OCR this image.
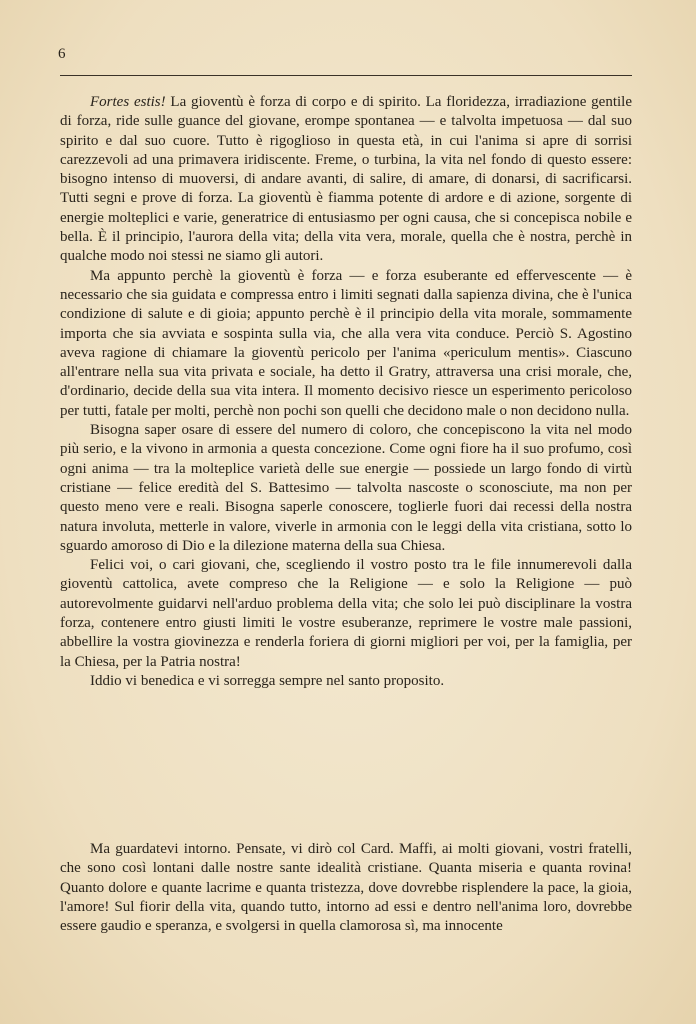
6

Fortes estis! La gioventù è forza di corpo e di spirito. La floridezza, irradiazione gentile di forza, ride sulle guance del giovane, erompe spontanea — e talvolta impetuosa — dal suo spirito e dal suo cuore. Tutto è rigoglioso in questa età, in cui l'anima si apre di sorrisi carezzevoli ad una primavera iridiscente. Freme, o turbina, la vita nel fondo di questo essere: bisogno intenso di muoversi, di andare avanti, di salire, di amare, di donarsi, di sacrificarsi. Tutti segni e prove di forza. La gioventù è fiamma potente di ardore e di azione, sorgente di energie molteplici e varie, generatrice di entusiasmo per ogni causa, che si concepisca nobile e bella. È il principio, l'aurora della vita; della vita vera, morale, quella che è nostra, perchè in qualche modo noi stessi ne siamo gli autori.

Ma appunto perchè la gioventù è forza — e forza esuberante ed effervescente — è necessario che sia guidata e compressa entro i limiti segnati dalla sapienza divina, che è l'unica condizione di salute e di gioia; appunto perchè è il principio della vita morale, sommamente importa che sia avviata e sospinta sulla via, che alla vera vita conduce. Perciò S. Agostino aveva ragione di chiamare la gioventù pericolo per l'anima «periculum mentis». Ciascuno all'entrare nella sua vita privata e sociale, ha detto il Gratry, attraversa una crisi morale, che, d'ordinario, decide della sua vita intera. Il momento decisivo riesce un esperimento pericoloso per tutti, fatale per molti, perchè non pochi son quelli che decidono male o non decidono nulla.

Bisogna saper osare di essere del numero di coloro, che concepiscono la vita nel modo più serio, e la vivono in armonia a questa concezione. Come ogni fiore ha il suo profumo, così ogni anima — tra la molteplice varietà delle sue energie — possiede un largo fondo di virtù cristiane — felice eredità del S. Battesimo — talvolta nascoste o sconosciute, ma non per questo meno vere e reali. Bisogna saperle conoscere, toglierle fuori dai recessi della nostra natura involuta, metterle in valore, viverle in armonia con le leggi della vita cristiana, sotto lo sguardo amoroso di Dio e la dilezione materna della sua Chiesa.

Felici voi, o cari giovani, che, scegliendo il vostro posto tra le file innumerevoli dalla gioventù cattolica, avete compreso che la Religione — e solo la Religione — può autorevolmente guidarvi nell'arduo problema della vita; che solo lei può disciplinare la vostra forza, contenere entro giusti limiti le vostre esuberanze, reprimere le vostre male passioni, abbellire la vostra giovinezza e renderla foriera di giorni migliori per voi, per la famiglia, per la Chiesa, per la Patria nostra!

Iddio vi benedica e vi sorregga sempre nel santo proposito.

Ma guardatevi intorno. Pensate, vi dirò col Card. Maffi, ai molti giovani, vostri fratelli, che sono così lontani dalle nostre sante idealità cristiane. Quanta miseria e quanta rovina! Quanto dolore e quante lacrime e quanta tristezza, dove dovrebbe risplendere la pace, la gioia, l'amore! Sul fiorir della vita, quando tutto, intorno ad essi e dentro nell'anima loro, dovrebbe essere gaudio e speranza, e svolgersi in quella clamorosa sì, ma innocente
